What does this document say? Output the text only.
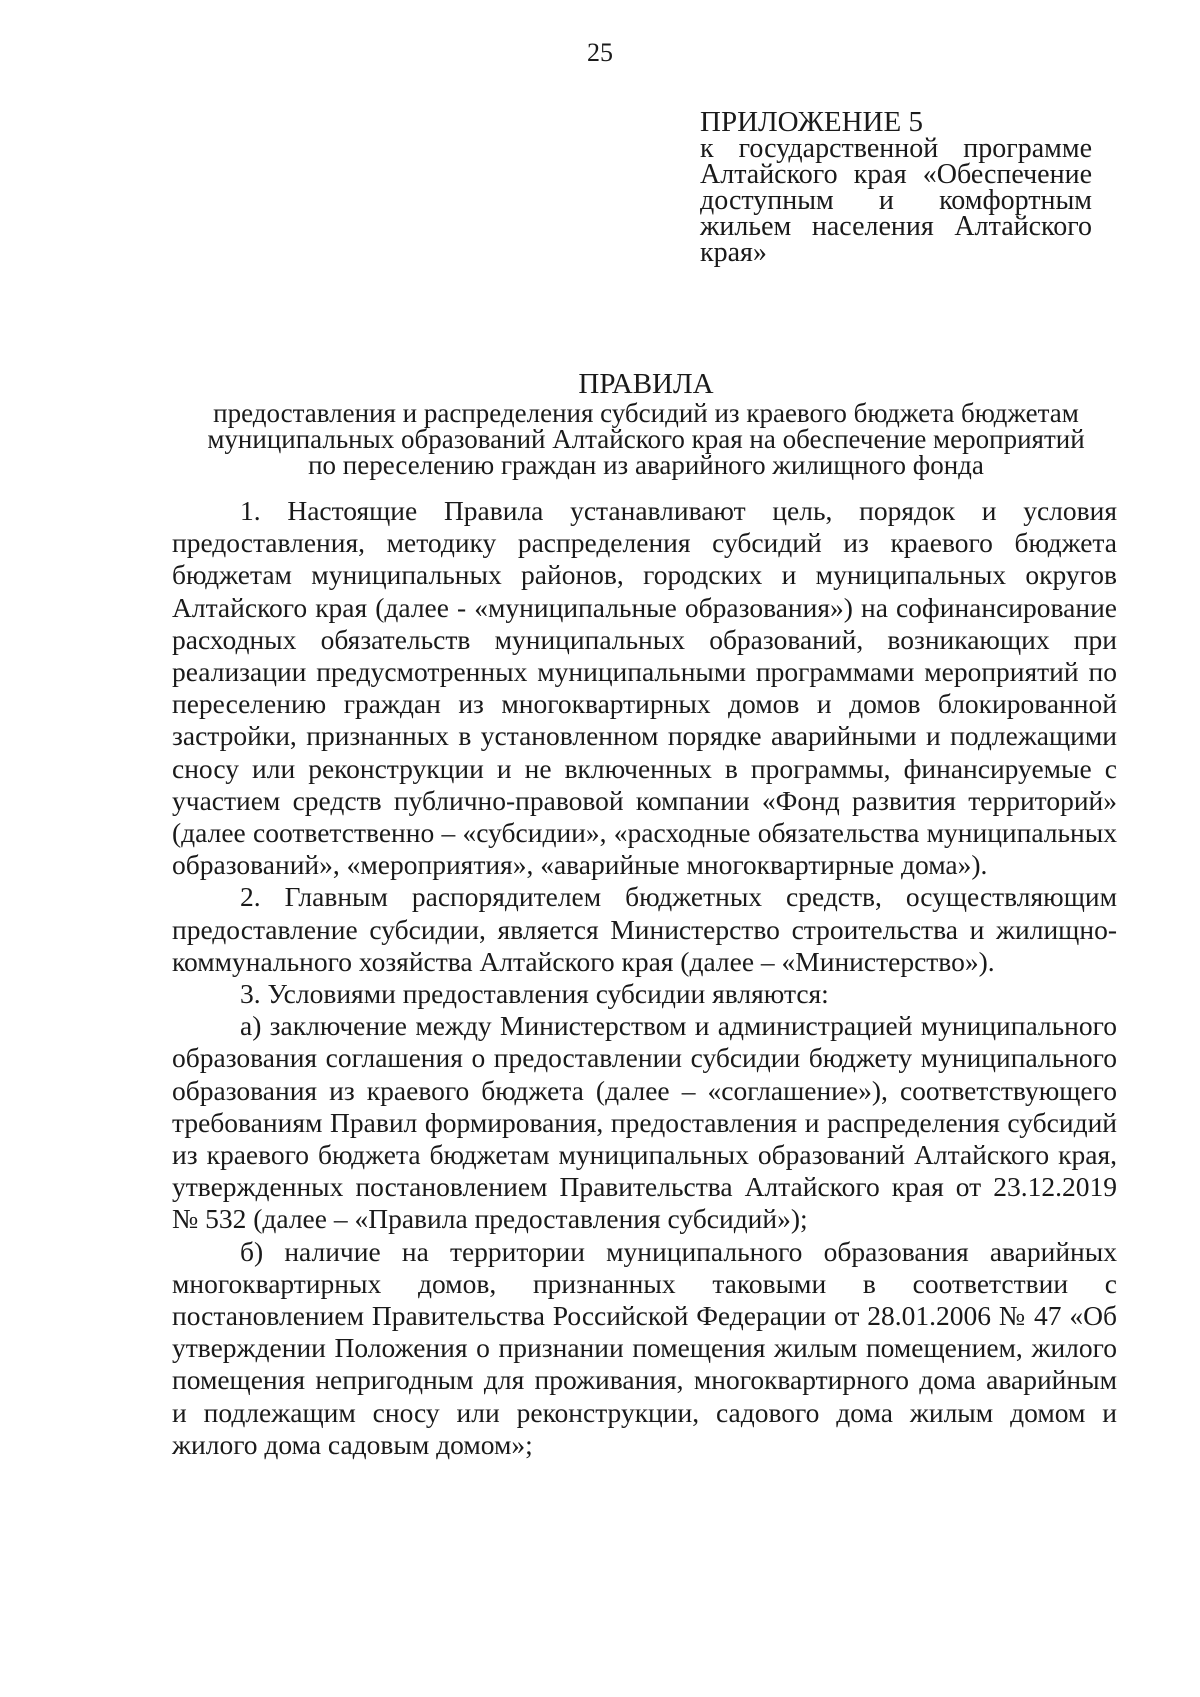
25
ПРИЛОЖЕНИЕ 5

к государственной программе Алтайского края «Обеспечение доступным и комфортным жильем населения Алтайского края»

ПРАВИЛА
предоставления и распределения субсидий из краевого бюджета бюджетам
муниципальных образований Алтайского края на обеспечение мероприятий
по переселению граждан из аварийного жилищного фонда

1. Настоящие Правила устанавливают цель, порядок и условия предоставления, методику распределения субсидий из краевого бюджета бюджетам муниципальных районов, городских и муниципальных округов Алтайского края (далее - «муниципальные образования») на софинансирование расходных обязательств муниципальных образований, возникающих при реализации предусмотренных муниципальными программами мероприятий по переселению граждан из многоквартирных домов и домов блокированной застройки, признанных в установленном порядке аварийными и подлежащими сносу или реконструкции и не включенных в программы, финансируемые с участием средств публично-правовой компании «Фонд развития территорий» (далее соответственно – «субсидии», «расходные обязательства муниципальных образований», «мероприятия», «аварийные многоквартирные дома»).

2. Главным распорядителем бюджетных средств, осуществляющим предоставление субсидии, является Министерство строительства и жилищно-коммунального хозяйства Алтайского края (далее – «Министерство»).

3. Условиями предоставления субсидии являются:

а) заключение между Министерством и администрацией муниципального образования соглашения о предоставлении субсидии бюджету муниципального образования из краевого бюджета (далее – «соглашение»), соответствующего требованиям Правил формирования, предоставления и распределения субсидий из краевого бюджета бюджетам муниципальных образований Алтайского края, утвержденных постановлением Правительства Алтайского края от 23.12.2019 № 532 (далее – «Правила предоставления субсидий»);

б) наличие на территории муниципального образования аварийных многоквартирных домов, признанных таковыми в соответствии с постановлением Правительства Российской Федерации от 28.01.2006 № 47 «Об утверждении Положения о признании помещения жилым помещением, жилого помещения непригодным для проживания, многоквартирного дома аварийным и подлежащим сносу или реконструкции, садового дома жилым домом и жилого дома садовым домом»;
